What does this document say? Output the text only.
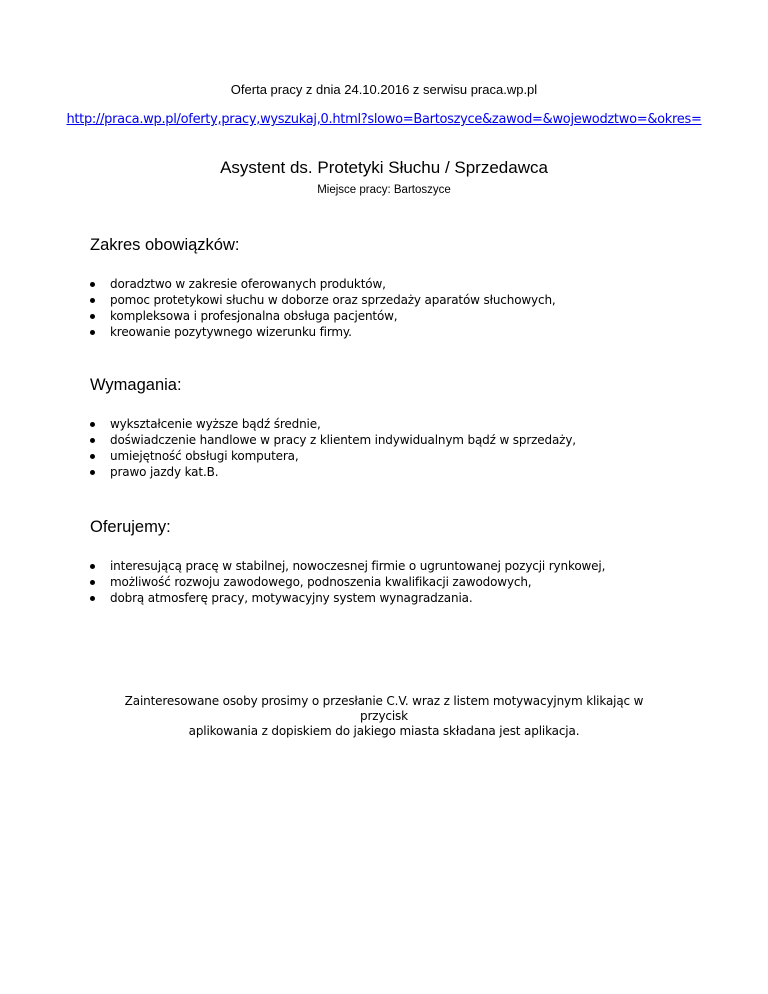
Oferta pracy z dnia 24.10.2016 z serwisu praca.wp.pl
http://praca.wp.pl/oferty,pracy,wyszukaj,0.html?slowo=Bartoszyce&zawod=&wojewodztwo=&okres=
Asystent ds. Protetyki Słuchu / Sprzedawca
Miejsce pracy: Bartoszyce
Zakres obowiązków:
doradztwo w zakresie oferowanych produktów,
pomoc protetykowi słuchu w doborze oraz sprzedaży aparatów słuchowych,
kompleksowa i profesjonalna obsługa pacjentów,
kreowanie pozytywnego wizerunku firmy.
Wymagania:
wykształcenie wyższe bądź średnie,
doświadczenie handlowe w pracy z klientem indywidualnym bądź w sprzedaży,
umiejętność obsługi komputera,
prawo jazdy kat.B.
Oferujemy:
interesującą pracę w stabilnej, nowoczesnej firmie o ugruntowanej pozycji rynkowej,
możliwość rozwoju zawodowego, podnoszenia kwalifikacji zawodowych,
dobrą atmosferę pracy, motywacyjny system wynagradzania.
Zainteresowane osoby prosimy o przesłanie C.V. wraz z listem motywacyjnym klikając w przycisk
aplikowania z dopiskiem do jakiego miasta składana jest aplikacja.
